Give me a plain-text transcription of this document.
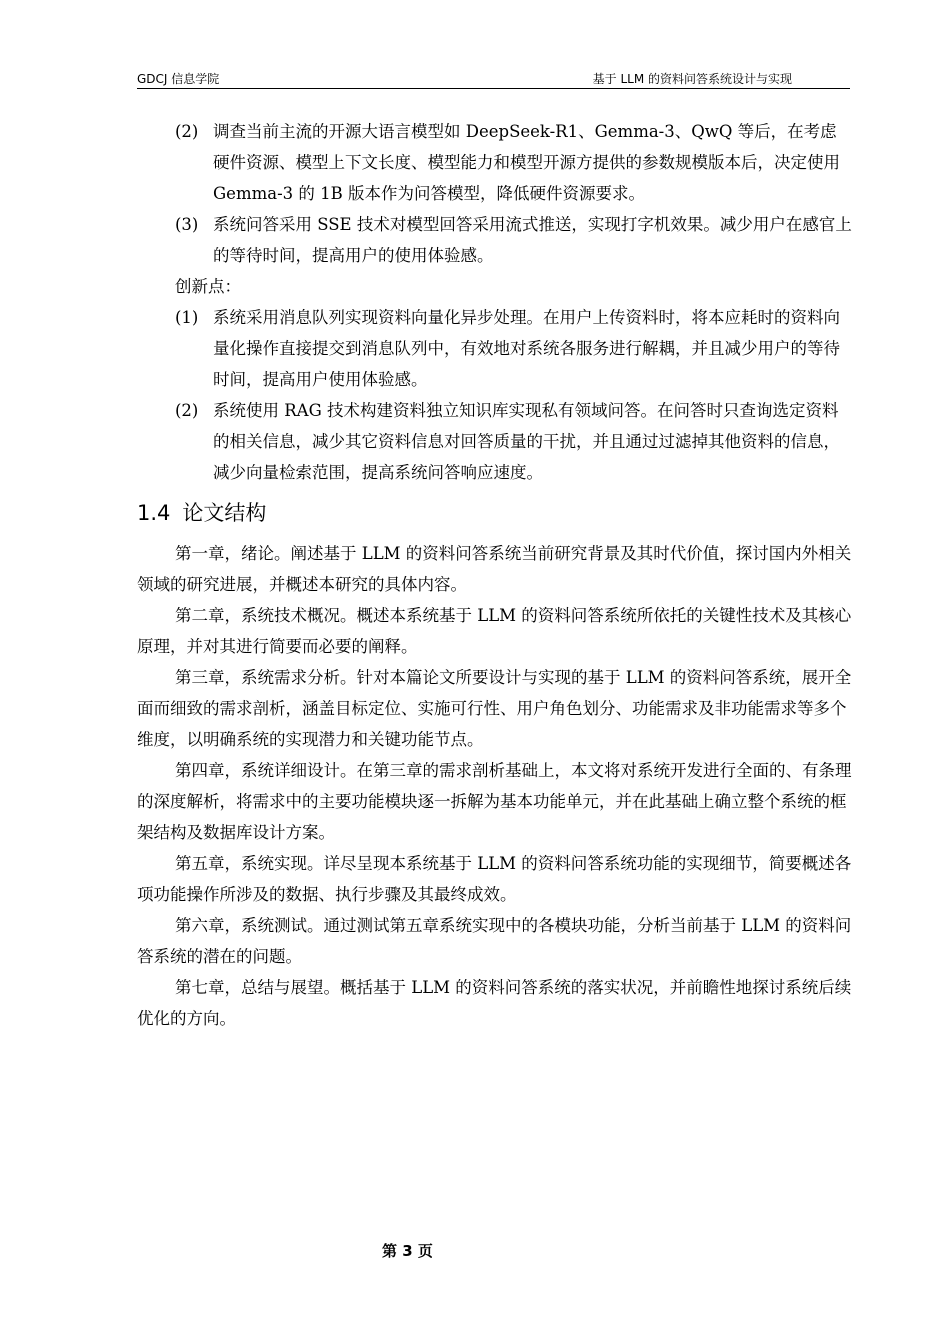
GDCJ 信息学院	基于 LLM 的资料问答系统设计与实现
(2) 调查当前主流的开源大语言模型如 DeepSeek-R1、Gemma-3、QwQ 等后，在考虑硬件资源、模型上下文长度、模型能力和模型开源方提供的参数规模版本后，决定使用 Gemma-3 的 1B 版本作为问答模型，降低硬件资源要求。
(3) 系统问答采用 SSE 技术对模型回答采用流式推送，实现打字机效果。减少用户在感官上的等待时间，提高用户的使用体验感。
创新点：
(1) 系统采用消息队列实现资料向量化异步处理。在用户上传资料时，将本应耗时的资料向量化操作直接提交到消息队列中，有效地对系统各服务进行解耦，并且减少用户的等待时间，提高用户使用体验感。
(2) 系统使用 RAG 技术构建资料独立知识库实现私有领域问答。在问答时只查询选定资料的相关信息，减少其它资料信息对回答质量的干扰，并且通过过滤掉其他资料的信息，减少向量检索范围，提高系统问答响应速度。
1.4 论文结构
第一章，绪论。阐述基于 LLM 的资料问答系统当前研究背景及其时代价值，探讨国内外相关领域的研究进展，并概述本研究的具体内容。
第二章，系统技术概况。概述本系统基于 LLM 的资料问答系统所依托的关键性技术及其核心原理，并对其进行简要而必要的阐释。
第三章，系统需求分析。针对本篇论文所要设计与实现的基于 LLM 的资料问答系统，展开全面而细致的需求剖析，涵盖目标定位、实施可行性、用户角色划分、功能需求及非功能需求等多个维度，以明确系统的实现潜力和关键功能节点。
第四章，系统详细设计。在第三章的需求剖析基础上，本文将对系统开发进行全面的、有条理的深度解析，将需求中的主要功能模块逐一拆解为基本功能单元，并在此基础上确立整个系统的框架结构及数据库设计方案。
第五章，系统实现。详尽呈现本系统基于 LLM 的资料问答系统功能的实现细节，简要概述各项功能操作所涉及的数据、执行步骤及其最终成效。
第六章，系统测试。通过测试第五章系统实现中的各模块功能，分析当前基于 LLM 的资料问答系统的潜在的问题。
第七章，总结与展望。概括基于 LLM 的资料问答系统的落实状况，并前瞻性地探讨系统后续优化的方向。
第 3 页
